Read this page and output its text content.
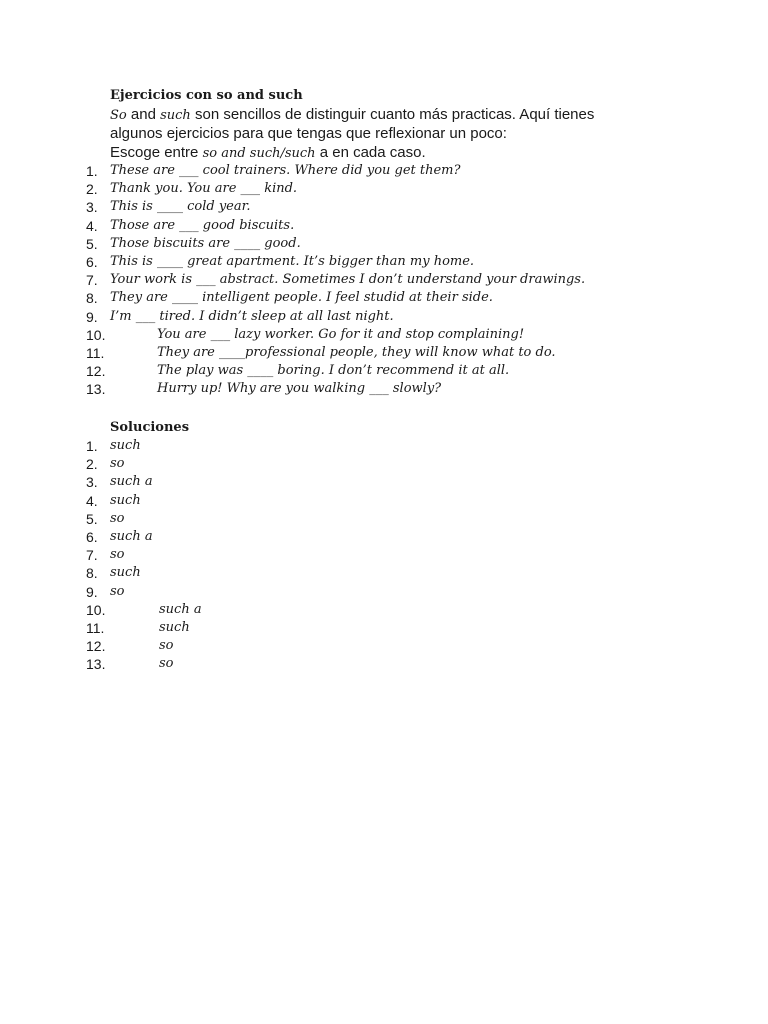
Ejercicios con so and such
So and such son sencillos de distinguir cuanto más practicas. Aquí tienes
algunos ejercicios para que tengas que reflexionar un poco:
Escoge entre so and such/such a en cada caso.
1. These are ___ cool trainers. Where did you get them?
2. Thank you. You are ___ kind.
3. This is ____ cold year.
4. Those are ___ good biscuits.
5. Those biscuits are ____ good.
6. This is ____ great apartment. It’s bigger than my home.
7. Your work is ___ abstract. Sometimes I don’t understand your drawings.
8. They are ____ intelligent people. I feel studid at their side.
9. I’m ___ tired. I didn’t sleep at all last night.
10.	You are ___ lazy worker. Go for it and stop complaining!
11.	They are ____professional people, they will know what to do.
12.	The play was ____ boring. I don’t recommend it at all.
13.	Hurry up! Why are you walking ___ slowly?
Soluciones
1. such
2. so
3. such a
4. such
5. so
6. such a
7. so
8. such
9. so
10.	such a
11.	such
12.	so
13.	so
